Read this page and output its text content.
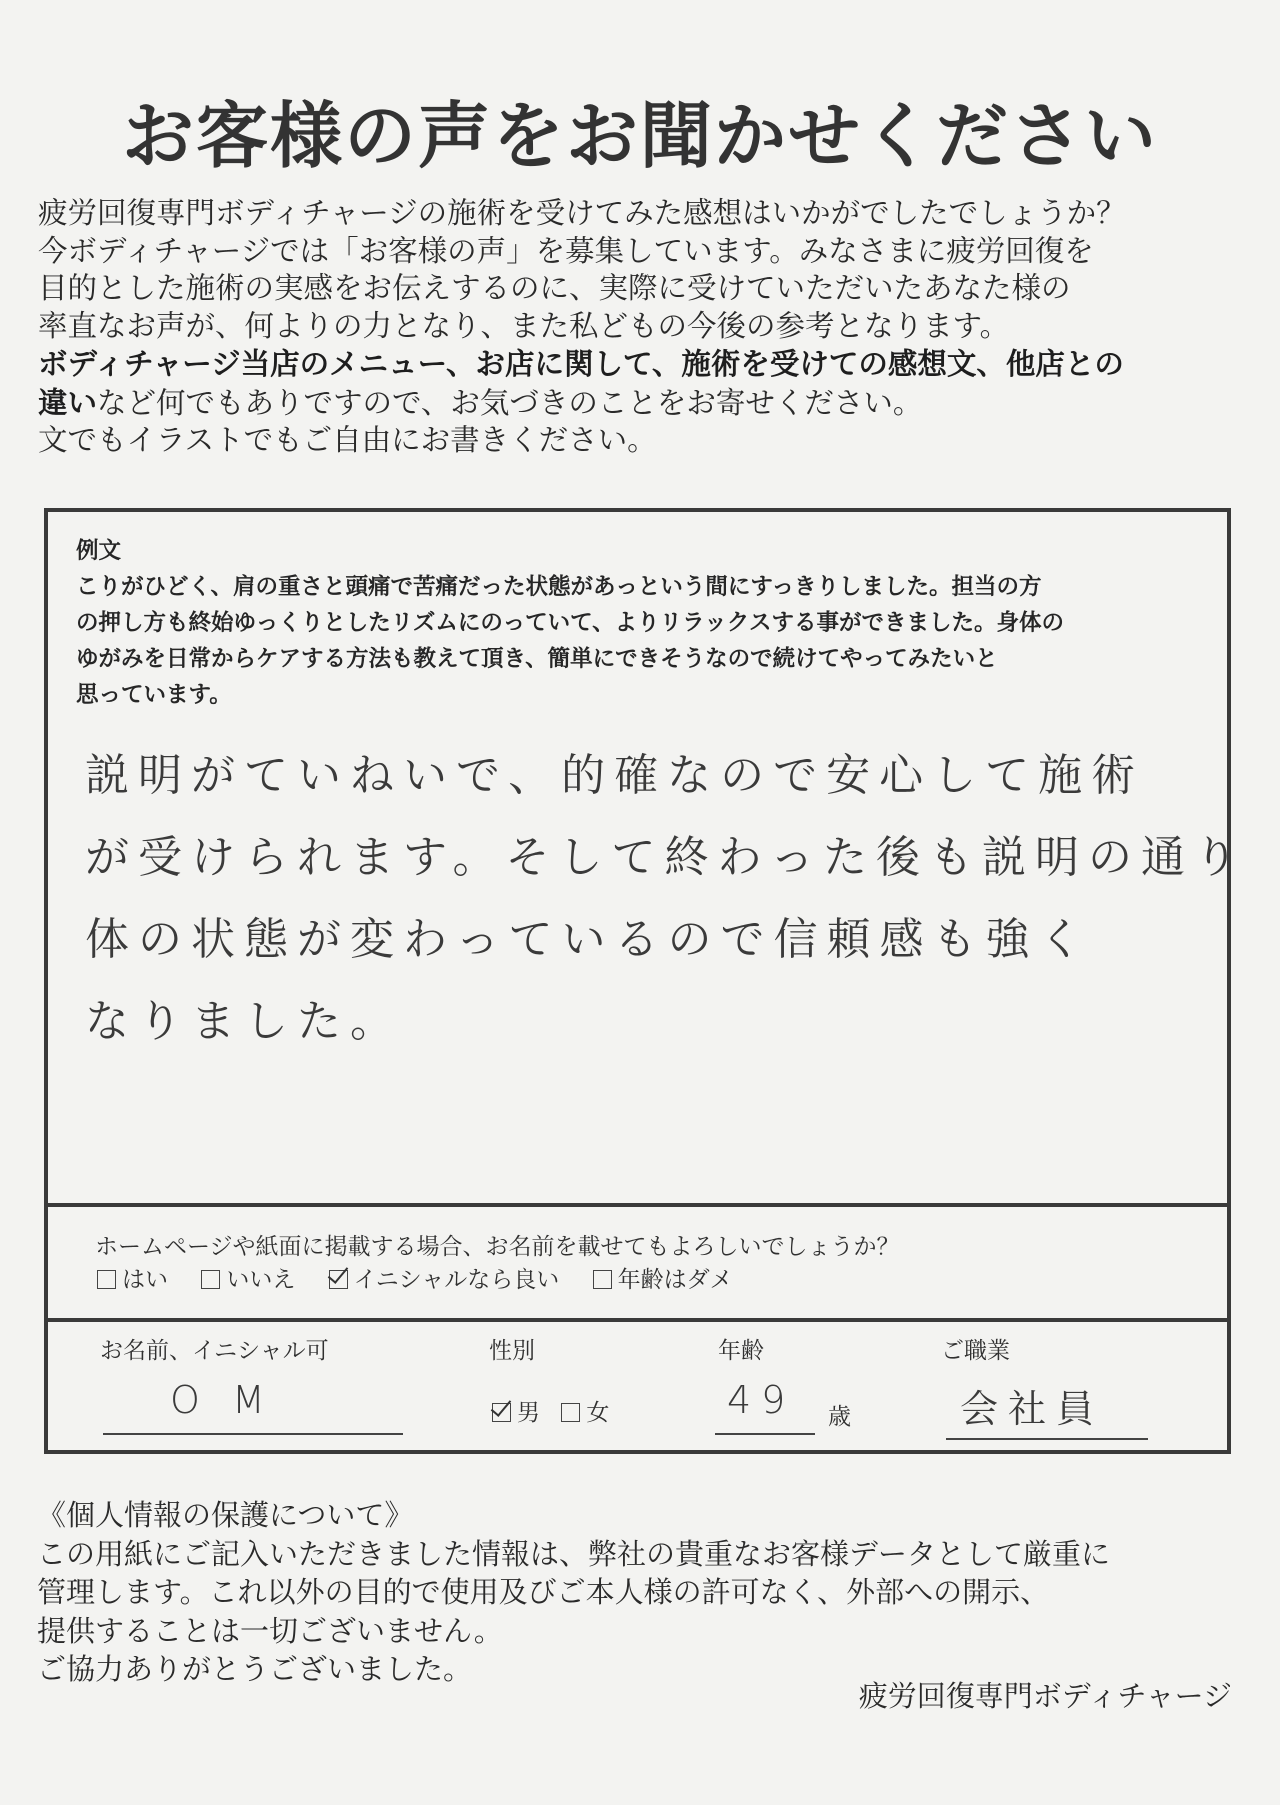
お客様の声をお聞かせください
疲労回復専門ボディチャージの施術を受けてみた感想はいかがでしたでしょうか？
今ボディチャージでは「お客様の声」を募集しています。みなさまに疲労回復を
目的とした施術の実感をお伝えするのに、実際に受けていただいたあなた様の
率直なお声が、何よりの力となり、また私どもの今後の参考となります。
ボディチャージ当店のメニュー、お店に関して、施術を受けての感想文、他店との
違いなど何でもありですので、お気づきのことをお寄せください。
文でもイラストでもご自由にお書きください。
例文
こりがひどく、肩の重さと頭痛で苦痛だった状態があっという間にすっきりしました。担当の方
の押し方も終始ゆっくりとしたリズムにのっていて、よりリラックスする事ができました。身体の
ゆがみを日常からケアする方法も教えて頂き、簡単にできそうなので続けてやってみたいと
思っています。
説明がていねいで、的確なので安心して施術
が受けられます。そして終わった後も説明の通り
体の状態が変わっているので信頼感も強く
なりました。
ホームページや紙面に掲載する場合、お名前を載せてもよろしいでしょうか？
はい	いいえ	イニシャルなら良い	年齢はダメ
お名前、イニシャル可
O M
性別
男 女
年齢
49 歳
ご職業
会社員
《個人情報の保護について》
この用紙にご記入いただきました情報は、弊社の貴重なお客様データとして厳重に
管理します。これ以外の目的で使用及びご本人様の許可なく、外部への開示、
提供することは一切ございません。
ご協力ありがとうございました。
疲労回復専門ボディチャージ
